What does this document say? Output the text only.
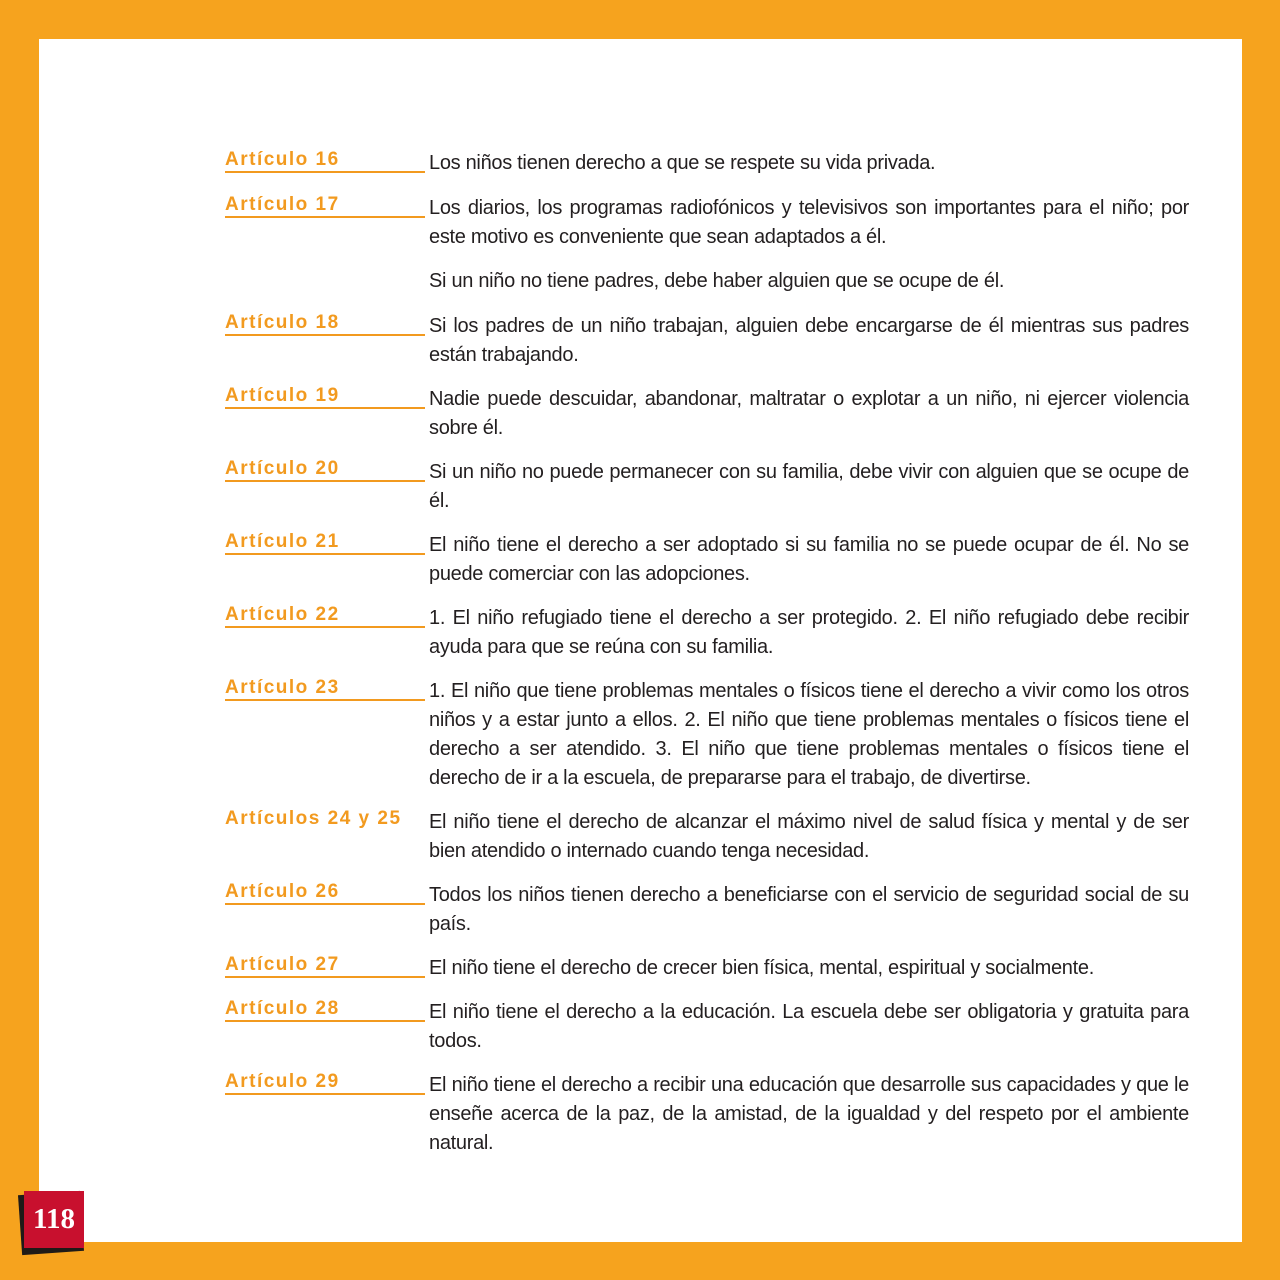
Artículo 16	Los niños tienen derecho a que se respete su vida privada.

Artículo 17	Los diarios, los programas radiofónicos y televisivos son importantes para el niño; por este motivo es conveniente que sean adaptados a él.

Si un niño no tiene padres, debe haber alguien que se ocupe de él.

Artículo 18	Si los padres de un niño trabajan, alguien debe encargarse de él mientras sus padres están trabajando.

Artículo 19	Nadie puede descuidar, abandonar, maltratar o explotar a un niño, ni ejercer violencia sobre él.

Artículo 20	Si un niño no puede permanecer con su familia, debe vivir con alguien que se ocupe de él.

Artículo 21	El niño tiene el derecho a ser adoptado si su familia no se puede ocupar de él. No se puede comerciar con las adopciones.

Artículo 22	1. El niño refugiado tiene el derecho a ser protegido. 2. El niño refugiado debe recibir ayuda para que se reúna con su familia.

Artículo 23	1. El niño que tiene problemas mentales o físicos tiene el derecho a vivir como los otros niños y a estar junto a ellos. 2. El niño que tiene problemas mentales o físicos tiene el derecho a ser atendido. 3. El niño que tiene problemas mentales o físicos tiene el derecho de ir a la escuela, de prepararse para el trabajo, de divertirse.

Artículos 24 y 25	El niño tiene el derecho de alcanzar el máximo nivel de salud física y mental y de ser bien atendido o internado cuando tenga necesidad.

Artículo 26	Todos los niños tienen derecho a beneficiarse con el servicio de seguridad social de su país.

Artículo 27	El niño tiene el derecho de crecer bien física, mental, espiritual y socialmente.

Artículo 28	El niño tiene el derecho a la educación. La escuela debe ser obligatoria y gratuita para todos.

Artículo 29	El niño tiene el derecho a recibir una educación que desarrolle sus capacidades y que le enseñe acerca de la paz, de la amistad, de la igualdad y del respeto por el ambiente natural.

118
